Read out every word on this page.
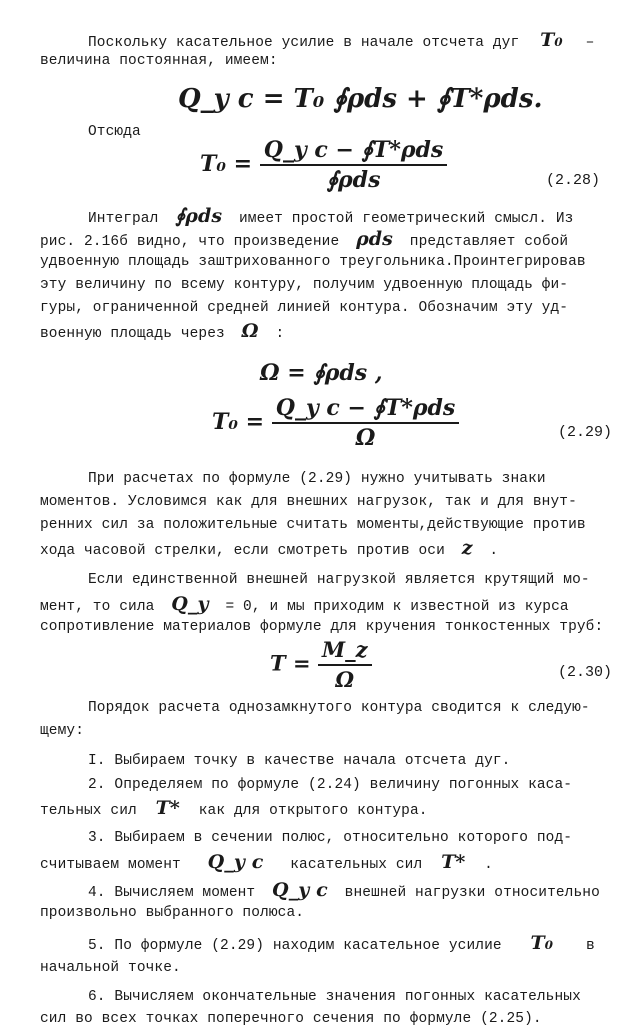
Поскольку касательное усилие в начале отсчета дуг T₀ –
величина постоянная, имеем:
Q_y c = T₀ ∮ρds + ∮T*ρds.
Отсюда
$T_0 = \frac{\text{Q\_y c − ∮T*ρds}}{\text{∮ρds}}$	(2.28)
Интеграл ∮ρds имеет простой геометрический смысл. Из
рис. 2.16б видно, что произведение ρds представляет собой
удвоенную площадь заштрихованного треугольника.Проинтегрировав
эту величину по всему контуру, получим удвоенную площадь фи-
гуры, ограниченной средней линией контура. Обозначим эту уд-
военную площадь через Ω :
Ω = ∮ρds ,
$T_0 = \frac{\text{Q\_y c − ∮T*ρds}}{\Omega}$	(2.29)
При расчетах по формуле (2.29) нужно учитывать знаки
моментов. Условимся как для внешних нагрузок, так и для внут-
ренних сил за положительные считать моменты,действующие против
хода часовой стрелки, если смотреть против оси z .
Если единственной внешней нагрузкой является крутящий мо-
мент, то сила Q_y = 0, и мы приходим к известной из курса
сопротивление материалов формуле для кручения тонкостенных труб:
$T = \frac{M\_z}{\Omega}$	(2.30)
Порядок расчета однозамкнутого контура сводится к следую-
щему:
I. Выбираем точку в качестве начала отсчета дуг.
2. Определяем по формуле (2.24) величину погонных каса-
тельных сил T* как для открытого контура.
3. Выбираем в сечении полюс, относительно которого под-
считываем момент Q_y c касательных сил T* .
4. Вычисляем момент Q_y c внешней нагрузки относительно
произвольно выбранного полюса.
5. По формуле (2.29) находим касательное усилие T₀ в
начальной точке.
6. Вычисляем окончательные значения погонных касательных
сил во всех точках поперечного сечения по формуле (2.25).
